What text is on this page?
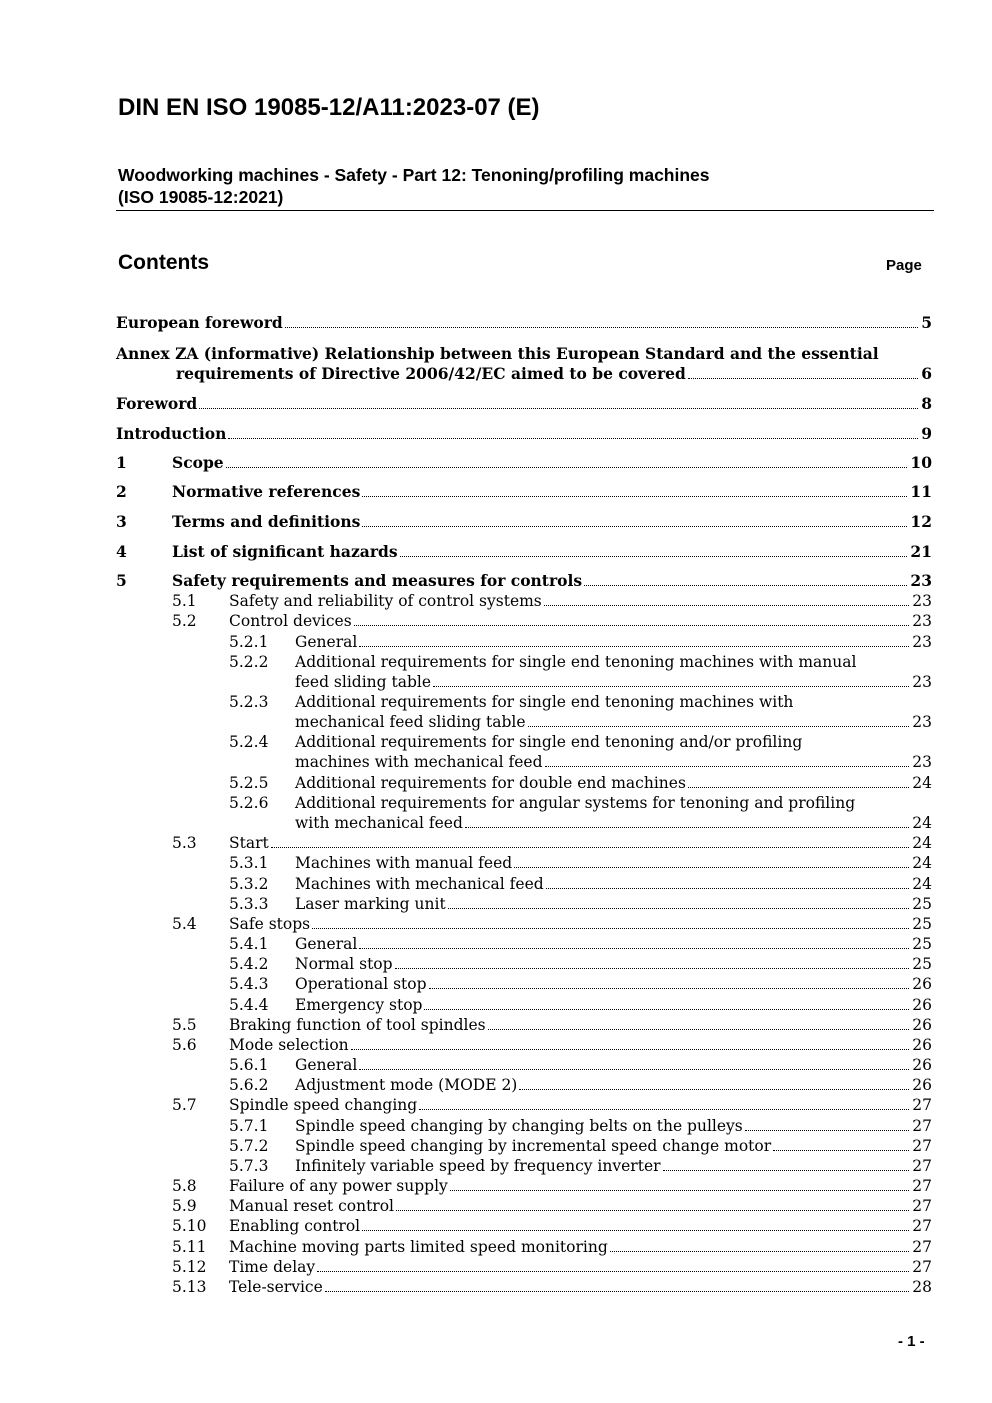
DIN EN ISO 19085-12/A11:2023-07 (E)
Woodworking machines - Safety - Part 12: Tenoning/profiling machines
(ISO 19085-12:2021)
Contents	Page
European foreword	5
Annex ZA (informative) Relationship between this European Standard and the essential
requirements of Directive 2006/42/EC aimed to be covered	6
Foreword	8
Introduction	9
1	Scope	10
2	Normative references	11
3	Terms and definitions	12
4	List of significant hazards	21
5	Safety requirements and measures for controls	23
5.1 Safety and reliability of control systems	23
5.2 Control devices	23
5.2.1 General	23
5.2.2 Additional requirements for single end tenoning machines with manual
feed sliding table	23
5.2.3 Additional requirements for single end tenoning machines with
mechanical feed sliding table	23
5.2.4 Additional requirements for single end tenoning and/or profiling
machines with mechanical feed	23
5.2.5 Additional requirements for double end machines	24
5.2.6 Additional requirements for angular systems for tenoning and profiling
with mechanical feed	24
5.3 Start	24
5.3.1 Machines with manual feed	24
5.3.2 Machines with mechanical feed	24
5.3.3 Laser marking unit	25
5.4 Safe stops	25
5.4.1 General	25
5.4.2 Normal stop	25
5.4.3 Operational stop	26
5.4.4 Emergency stop	26
5.5 Braking function of tool spindles	26
5.6 Mode selection	26
5.6.1 General	26
5.6.2 Adjustment mode (MODE 2)	26
5.7 Spindle speed changing	27
5.7.1 Spindle speed changing by changing belts on the pulleys	27
5.7.2 Spindle speed changing by incremental speed change motor	27
5.7.3 Infinitely variable speed by frequency inverter	27
5.8 Failure of any power supply	27
5.9 Manual reset control	27
5.10 Enabling control	27
5.11 Machine moving parts limited speed monitoring	27
5.12 Time delay	27
5.13 Tele-service	28
- 1 -
